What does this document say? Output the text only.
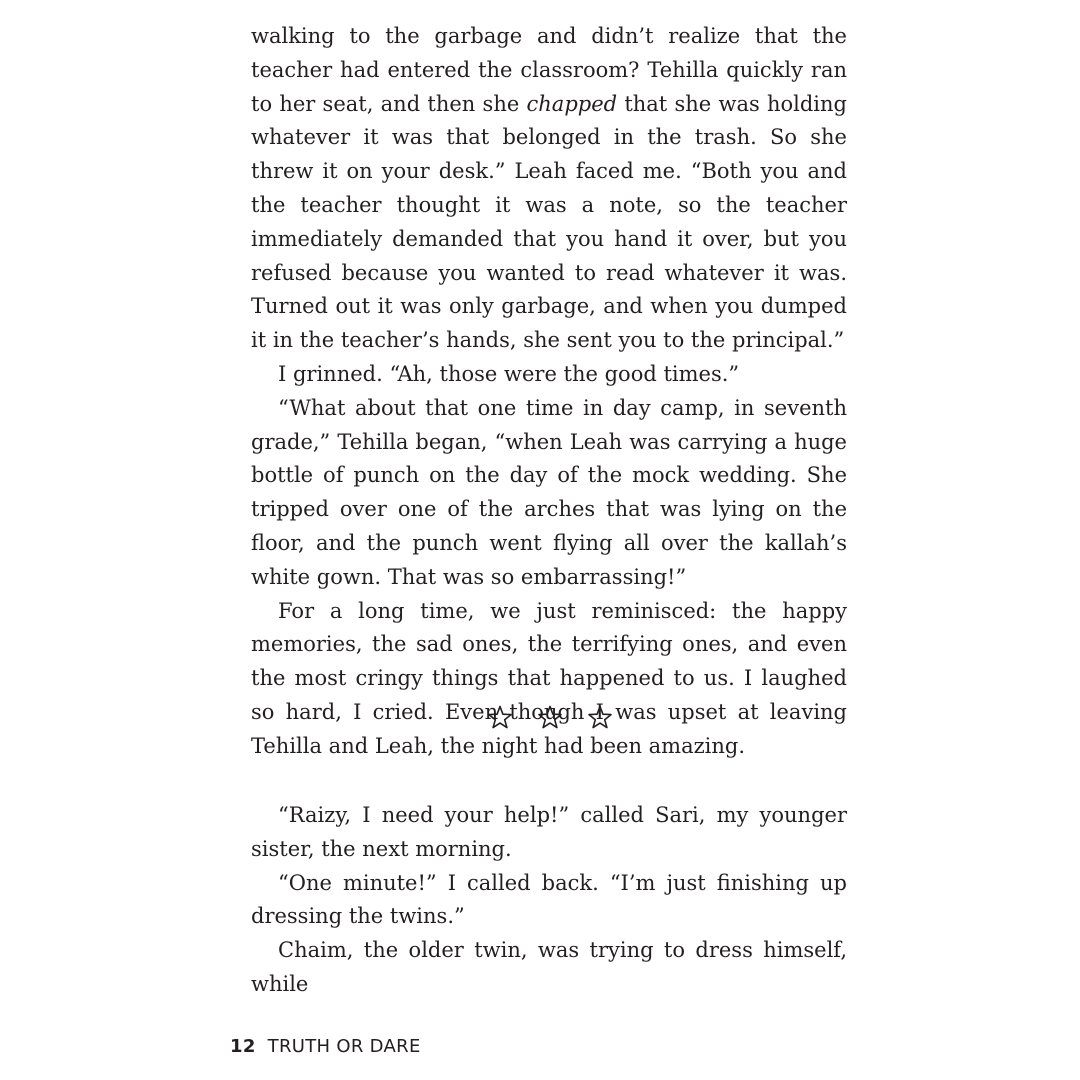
walking to the garbage and didn’t realize that the teacher had entered the classroom? Tehilla quickly ran to her seat, and then she chapped that she was holding whatever it was that belonged in the trash. So she threw it on your desk.” Leah faced me. “Both you and the teacher thought it was a note, so the teacher immediately demanded that you hand it over, but you refused because you wanted to read whatever it was. Turned out it was only garbage, and when you dumped it in the teacher’s hands, she sent you to the principal.”

I grinned. “Ah, those were the good times.”

“What about that one time in day camp, in seventh grade,” Tehilla began, “when Leah was carrying a huge bottle of punch on the day of the mock wedding. She tripped over one of the arches that was lying on the floor, and the punch went flying all over the kallah’s white gown. That was so embarrassing!”

For a long time, we just reminisced: the happy memories, the sad ones, the terrifying ones, and even the most cringy things that happened to us. I laughed so hard, I cried. Even though I was upset at leaving Tehilla and Leah, the night had been amazing.

“Raizy, I need your help!” called Sari, my younger sister, the next morning.

“One minute!” I called back. “I’m just finishing up dressing the twins.”

Chaim, the older twin, was trying to dress himself, while

12 TRUTH OR DARE
